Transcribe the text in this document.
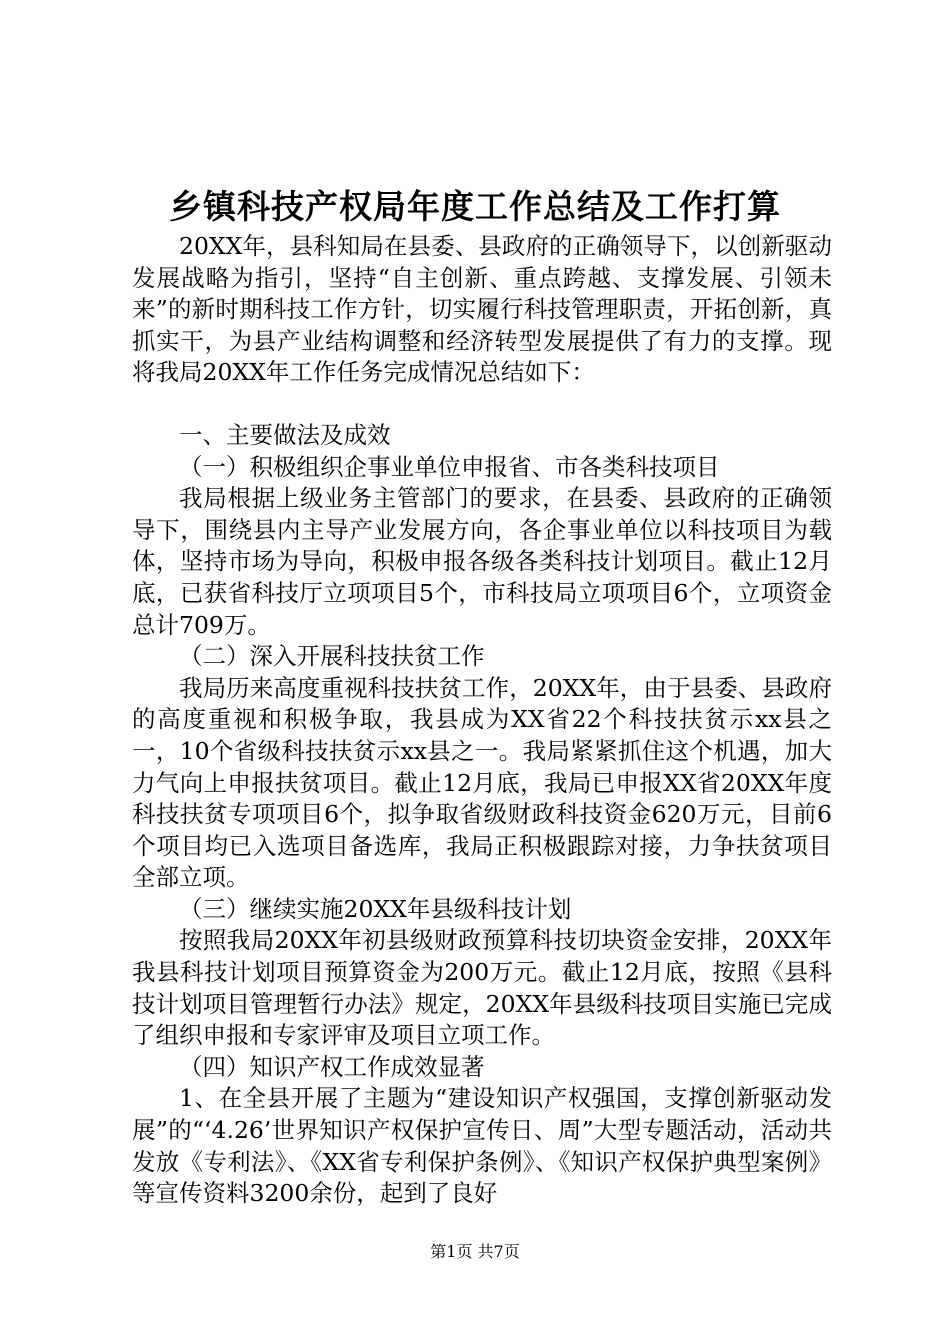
乡镇科技产权局年度工作总结及工作打算

20XX年，县科知局在县委、县政府的正确领导下，以创新驱动发展战略为指引，坚持“自主创新、重点跨越、支撑发展、引领未来”的新时期科技工作方针，切实履行科技管理职责，开拓创新，真抓实干，为县产业结构调整和经济转型发展提供了有力的支撑。现将我局20XX年工作任务完成情况总结如下：

一、主要做法及成效

（一）积极组织企事业单位申报省、市各类科技项目

我局根据上级业务主管部门的要求，在县委、县政府的正确领导下，围绕县内主导产业发展方向，各企事业单位以科技项目为载体，坚持市场为导向，积极申报各级各类科技计划项目。截止12月底，已获省科技厅立项项目5个，市科技局立项项目6个，立项资金总计709万。

（二）深入开展科技扶贫工作

我局历来高度重视科技扶贫工作，20XX年，由于县委、县政府的高度重视和积极争取，我县成为XX省22个科技扶贫示xx县之一，10个省级科技扶贫示xx县之一。我局紧紧抓住这个机遇，加大力气向上申报扶贫项目。截止12月底，我局已申报XX省20XX年度科技扶贫专项项目6个，拟争取省级财政科技资金620万元，目前6个项目均已入选项目备选库，我局正积极跟踪对接，力争扶贫项目全部立项。

（三）继续实施20XX年县级科技计划

按照我局20XX年初县级财政预算科技切块资金安排，20XX年我县科技计划项目预算资金为200万元。截止12月底，按照《县科技计划项目管理暂行办法》规定，20XX年县级科技项目实施已完成了组织申报和专家评审及项目立项工作。

（四）知识产权工作成效显著

1、在全县开展了主题为“建设知识产权强国，支撑创新驱动发展”的“‘4.26’世界知识产权保护宣传日、周”大型专题活动，活动共发放《专利法》、《XX省专利保护条例》、《知识产权保护典型案例》等宣传资料3200余份，起到了良好

第1页 共7页
